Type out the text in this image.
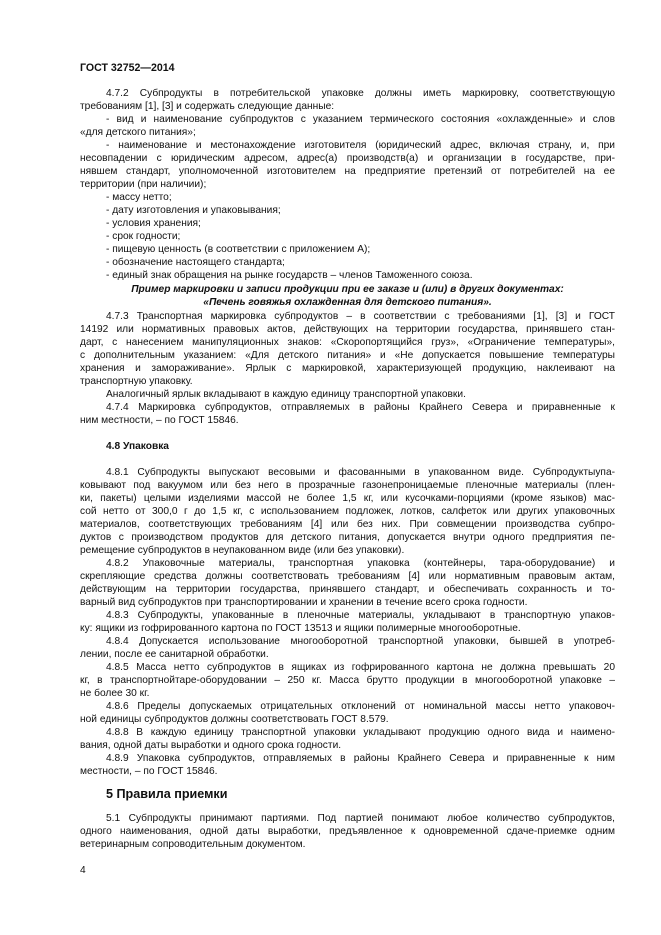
ГОСТ 32752—2014
4.7.2 Субпродукты в потребительской упаковке должны иметь маркировку, соответствующую
требованиям [1], [3] и содержать следующие данные:
- вид и наименование субпродуктов с указанием термического состояния «охлажденные» и слов
«для детского питания»;
- наименование и местонахождение изготовителя (юридический адрес, включая страну, и, при
несовпадении с юридическим адресом, адрес(а) производств(а) и организации в государстве, при-
нявшем стандарт, уполномоченной изготовителем на предприятие претензий от потребителей на ее
территории (при наличии);
- массу нетто;
- дату изготовления и упаковывания;
- условия хранения;
- срок годности;
- пищевую ценность (в соответствии с приложением А);
- обозначение настоящего стандарта;
- единый знак обращения на рынке государств – членов Таможенного союза.
Пример маркировки и записи продукции при ее заказе и (или) в других документах:
«Печень говяжья охлажденная для детского питания».
4.7.3 Транспортная маркировка субпродуктов – в соответствии с требованиями [1], [3] и ГОСТ
14192 или нормативных правовых актов, действующих на территории государства, принявшего стан-
дарт, с нанесением манипуляционных знаков: «Скоропортящийся груз», «Ограничение температуры»,
с дополнительным указанием: «Для детского питания» и «Не допускается повышение температуры
хранения и замораживание». Ярлык с маркировкой, характеризующей продукцию, наклеивают на
транспортную упаковку.
Аналогичный ярлык вкладывают в каждую единицу транспортной упаковки.
4.7.4 Маркировка субпродуктов, отправляемых в районы Крайнего Севера и приравненные к
ним местности, – по ГОСТ 15846.
4.8 Упаковка
4.8.1 Субпродукты выпускают весовыми и фасованными в упакованном виде. Субпродуктыупа-
ковывают под вакуумом или без него в прозрачные газонепроницаемые пленочные материалы (плен-
ки, пакеты) целыми изделиями массой не более 1,5 кг, или кусочками-порциями (кроме языков) мас-
сой нетто от 300,0 г до 1,5 кг, с использованием подложек, лотков, салфеток или других упаковочных
материалов, соответствующих требованиям [4] или без них. При совмещении производства субпро-
дуктов с производством продуктов для детского питания, допускается внутри одного предприятия пе-
ремещение субпродуктов в неупакованном виде (или без упаковки).
4.8.2 Упаковочные материалы, транспортная упаковка (контейнеры, тара-оборудование) и
скрепляющие средства должны соответствовать требованиям [4] или нормативным правовым актам,
действующим на территории государства, принявшего стандарт, и обеспечивать сохранность и то-
варный вид субпродуктов при транспортировании и хранении в течение всего срока годности.
4.8.3 Субпродукты, упакованные в пленочные материалы, укладывают в транспортную упаков-
ку: ящики из гофрированного картона по ГОСТ 13513 и ящики полимерные многооборотные.
4.8.4 Допускается использование многооборотной транспортной упаковки, бывшей в употреб-
лении, после ее санитарной обработки.
4.8.5 Масса нетто субпродуктов в ящиках из гофрированного картона не должна превышать 20
кг, в транспортнойтаре-оборудовании – 250 кг. Масса брутто продукции в многооборотной упаковке –
не более 30 кг.
4.8.6 Пределы допускаемых отрицательных отклонений от номинальной массы нетто упаковоч-
ной единицы субпродуктов должны соответствовать ГОСТ 8.579.
4.8.8 В каждую единицу транспортной упаковки укладывают продукцию одного вида и наимено-
вания, одной даты выработки и одного срока годности.
4.8.9 Упаковка субпродуктов, отправляемых в районы Крайнего Севера и приравненные к ним
местности, – по ГОСТ 15846.
5 Правила приемки
5.1 Субпродукты принимают партиями. Под партией понимают любое количество субпродуктов,
одного наименования, одной даты выработки, предъявленное к одновременной сдаче-приемке одним
ветеринарным сопроводительным документом.
4
